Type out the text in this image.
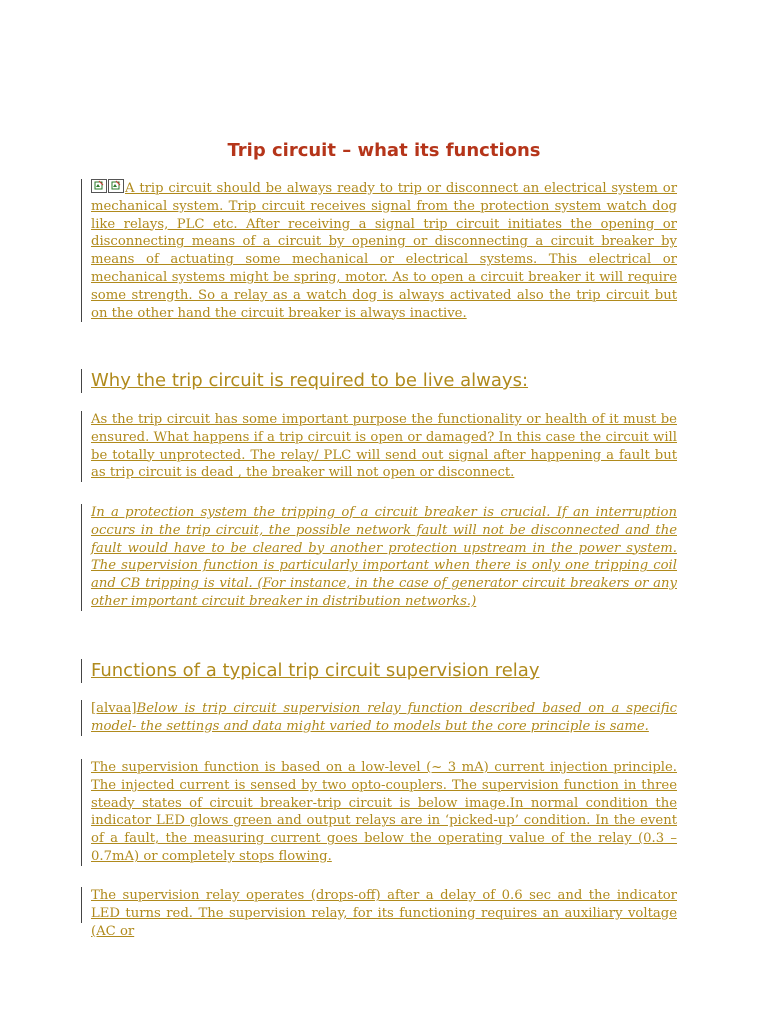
Trip circuit – what its functions

A trip circuit should be always ready to trip or disconnect an electrical system or mechanical system. Trip circuit receives signal from the protection system watch dog like relays, PLC etc. After receiving a signal trip circuit initiates the opening or disconnecting means of a circuit by opening or disconnecting a circuit breaker by means of actuating some mechanical or electrical systems. This electrical or mechanical systems might be spring, motor. As to open a circuit breaker it will require some strength. So a relay as a watch dog is always activated also the trip circuit but on the other hand the circuit breaker is always inactive.

Why the trip circuit is required to be live always:

As the trip circuit has some important purpose the functionality or health of it must be ensured. What happens if a trip circuit is open or damaged? In this case the circuit will be totally unprotected. The relay/ PLC will send out signal after happening a fault but as trip circuit is dead , the breaker will not open or disconnect.

In a protection system the tripping of a circuit breaker is crucial. If an interruption occurs in the trip circuit, the possible network fault will not be disconnected and the fault would have to be cleared by another protection upstream in the power system. The supervision function is particularly important when there is only one tripping coil and CB tripping is vital. (For instance, in the case of generator circuit breakers or any other important circuit breaker in distribution networks.)

Functions of a typical trip circuit supervision relay

[alvaa]Below is trip circuit supervision relay function described based on a specific model- the settings and data might varied to models but the core principle is same.

The supervision function is based on a low-level (~ 3 mA) current injection principle. The injected current is sensed by two opto-couplers. The supervision function in three steady states of circuit breaker-trip circuit is below image.In normal condition the indicator LED glows green and output relays are in ‘picked-up’ condition. In the event of a fault, the measuring current goes below the operating value of the relay (0.3 – 0.7mA) or completely stops flowing.

The supervision relay operates (drops-off) after a delay of 0.6 sec and the indicator LED turns red. The supervision relay, for its functioning requires an auxiliary voltage (AC or
